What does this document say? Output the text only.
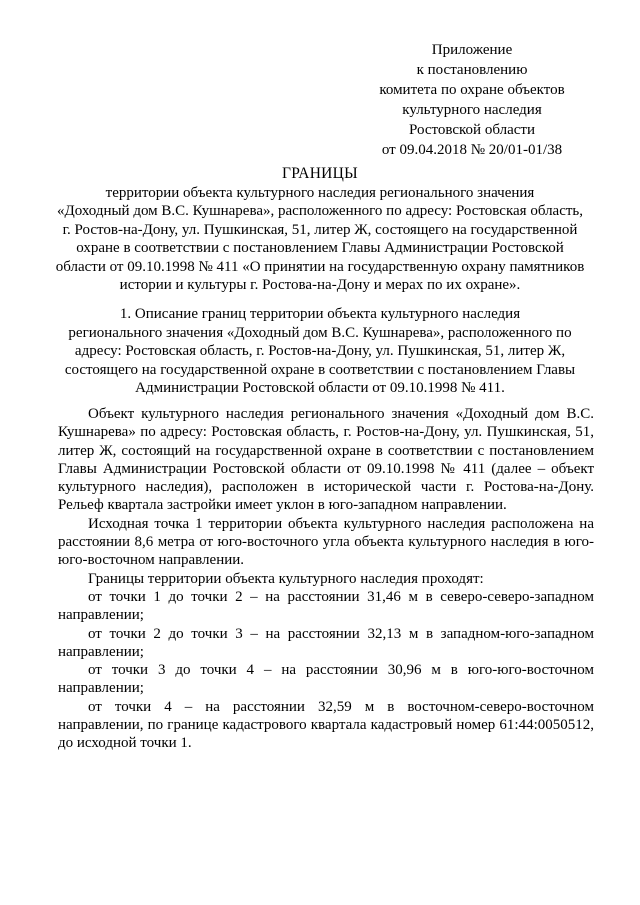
Приложение
к постановлению
комитета по охране объектов
культурного наследия
Ростовской области
от 09.04.2018 № 20/01-01/38
ГРАНИЦЫ
территории объекта культурного наследия регионального значения
«Доходный дом В.С. Кушнарева», расположенного по адресу: Ростовская область,
г. Ростов-на-Дону, ул. Пушкинская, 51, литер Ж, состоящего на государственной
охране в соответствии с постановлением Главы Администрации Ростовской
области от 09.10.1998 № 411 «О принятии на государственную охрану памятников
истории и культуры г. Ростова-на-Дону и мерах по их охране».
1. Описание границ территории объекта культурного наследия
регионального значения «Доходный дом В.С. Кушнарева», расположенного по
адресу: Ростовская область, г. Ростов-на-Дону, ул. Пушкинская, 51, литер Ж,
состоящего на государственной охране в соответствии с постановлением Главы
Администрации Ростовской области от 09.10.1998 № 411.

Объект культурного наследия регионального значения «Доходный дом В.С. Кушнарева» по адресу: Ростовская область, г. Ростов-на-Дону, ул. Пушкинская, 51, литер Ж, состоящий на государственной охране в соответствии с постановлением Главы Администрации Ростовской области от 09.10.1998 № 411 (далее – объект культурного наследия), расположен в исторической части г. Ростова-на-Дону. Рельеф квартала застройки имеет уклон в юго-западном направлении.

Исходная точка 1 территории объекта культурного наследия расположена на расстоянии 8,6 метра от юго-восточного угла объекта культурного наследия в юго-юго-восточном направлении.

Границы территории объекта культурного наследия проходят:

от точки 1 до точки 2 – на расстоянии 31,46 м в северо-северо-западном направлении;

от точки 2 до точки 3 – на расстоянии 32,13 м в западном-юго-западном направлении;

от точки 3 до точки 4 – на расстоянии 30,96 м в юго-юго-восточном направлении;

от точки 4 – на расстоянии 32,59 м в восточном-северо-восточном направлении, по границе кадастрового квартала кадастровый номер 61:44:0050512, до исходной точки 1.
